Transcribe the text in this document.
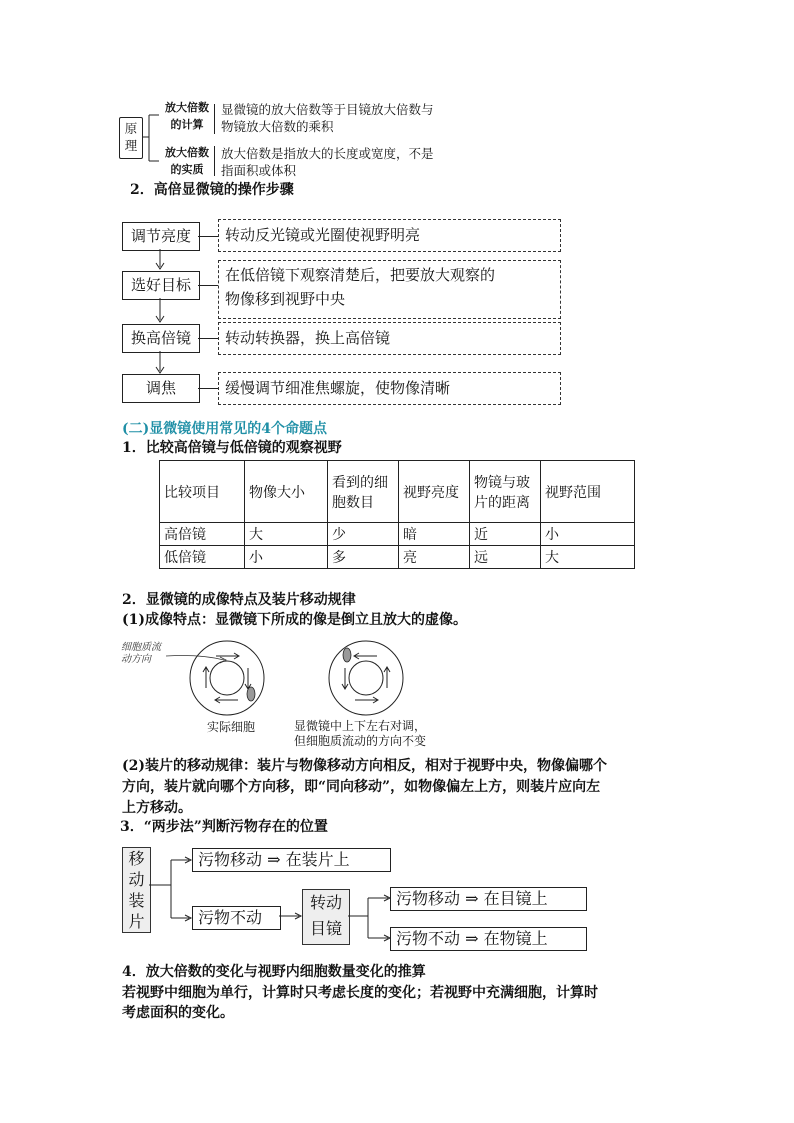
原理
放大倍数
的计算
显微镜的放大倍数等于目镜放大倍数与
物镜放大倍数的乘积
放大倍数
的实质
放大倍数是指放大的长度或宽度，不是
指面积或体积
2．高倍显微镜的操作步骤
调节亮度	转动反光镜或光圈使视野明亮
选好目标
在低倍镜下观察清楚后，把要放大观察的
物像移到视野中央
换高倍镜	转动转换器，换上高倍镜
调焦	缓慢调节细准焦螺旋，使物像清晰
(二)显微镜使用常见的4个命题点
1．比较高倍镜与低倍镜的观察视野
比较项目	物像大小	看到的细胞数目	视野亮度	物镜与玻片的距离	视野范围
高倍镜	大	少	暗	近	小
低倍镜	小	多	亮	远	大
2．显微镜的成像特点及装片移动规律
(1)成像特点：显微镜下所成的像是倒立且放大的虚像。
细胞质流
动方向
实际细胞	显微镜中上下左右对调，
但细胞质流动的方向不变
(2)装片的移动规律：装片与物像移动方向相反，相对于视野中央，物像偏哪个
方向，装片就向哪个方向移，即“同向移动”，如物像偏左上方，则装片应向左
上方移动。
3．“两步法”判断污物存在的位置
移动装片
污物移动 ⇒ 在装片上
污物不动
转动目镜
污物移动 ⇒ 在目镜上
污物不动 ⇒ 在物镜上
4．放大倍数的变化与视野内细胞数量变化的推算
若视野中细胞为单行，计算时只考虑长度的变化；若视野中充满细胞，计算时
考虑面积的变化。
